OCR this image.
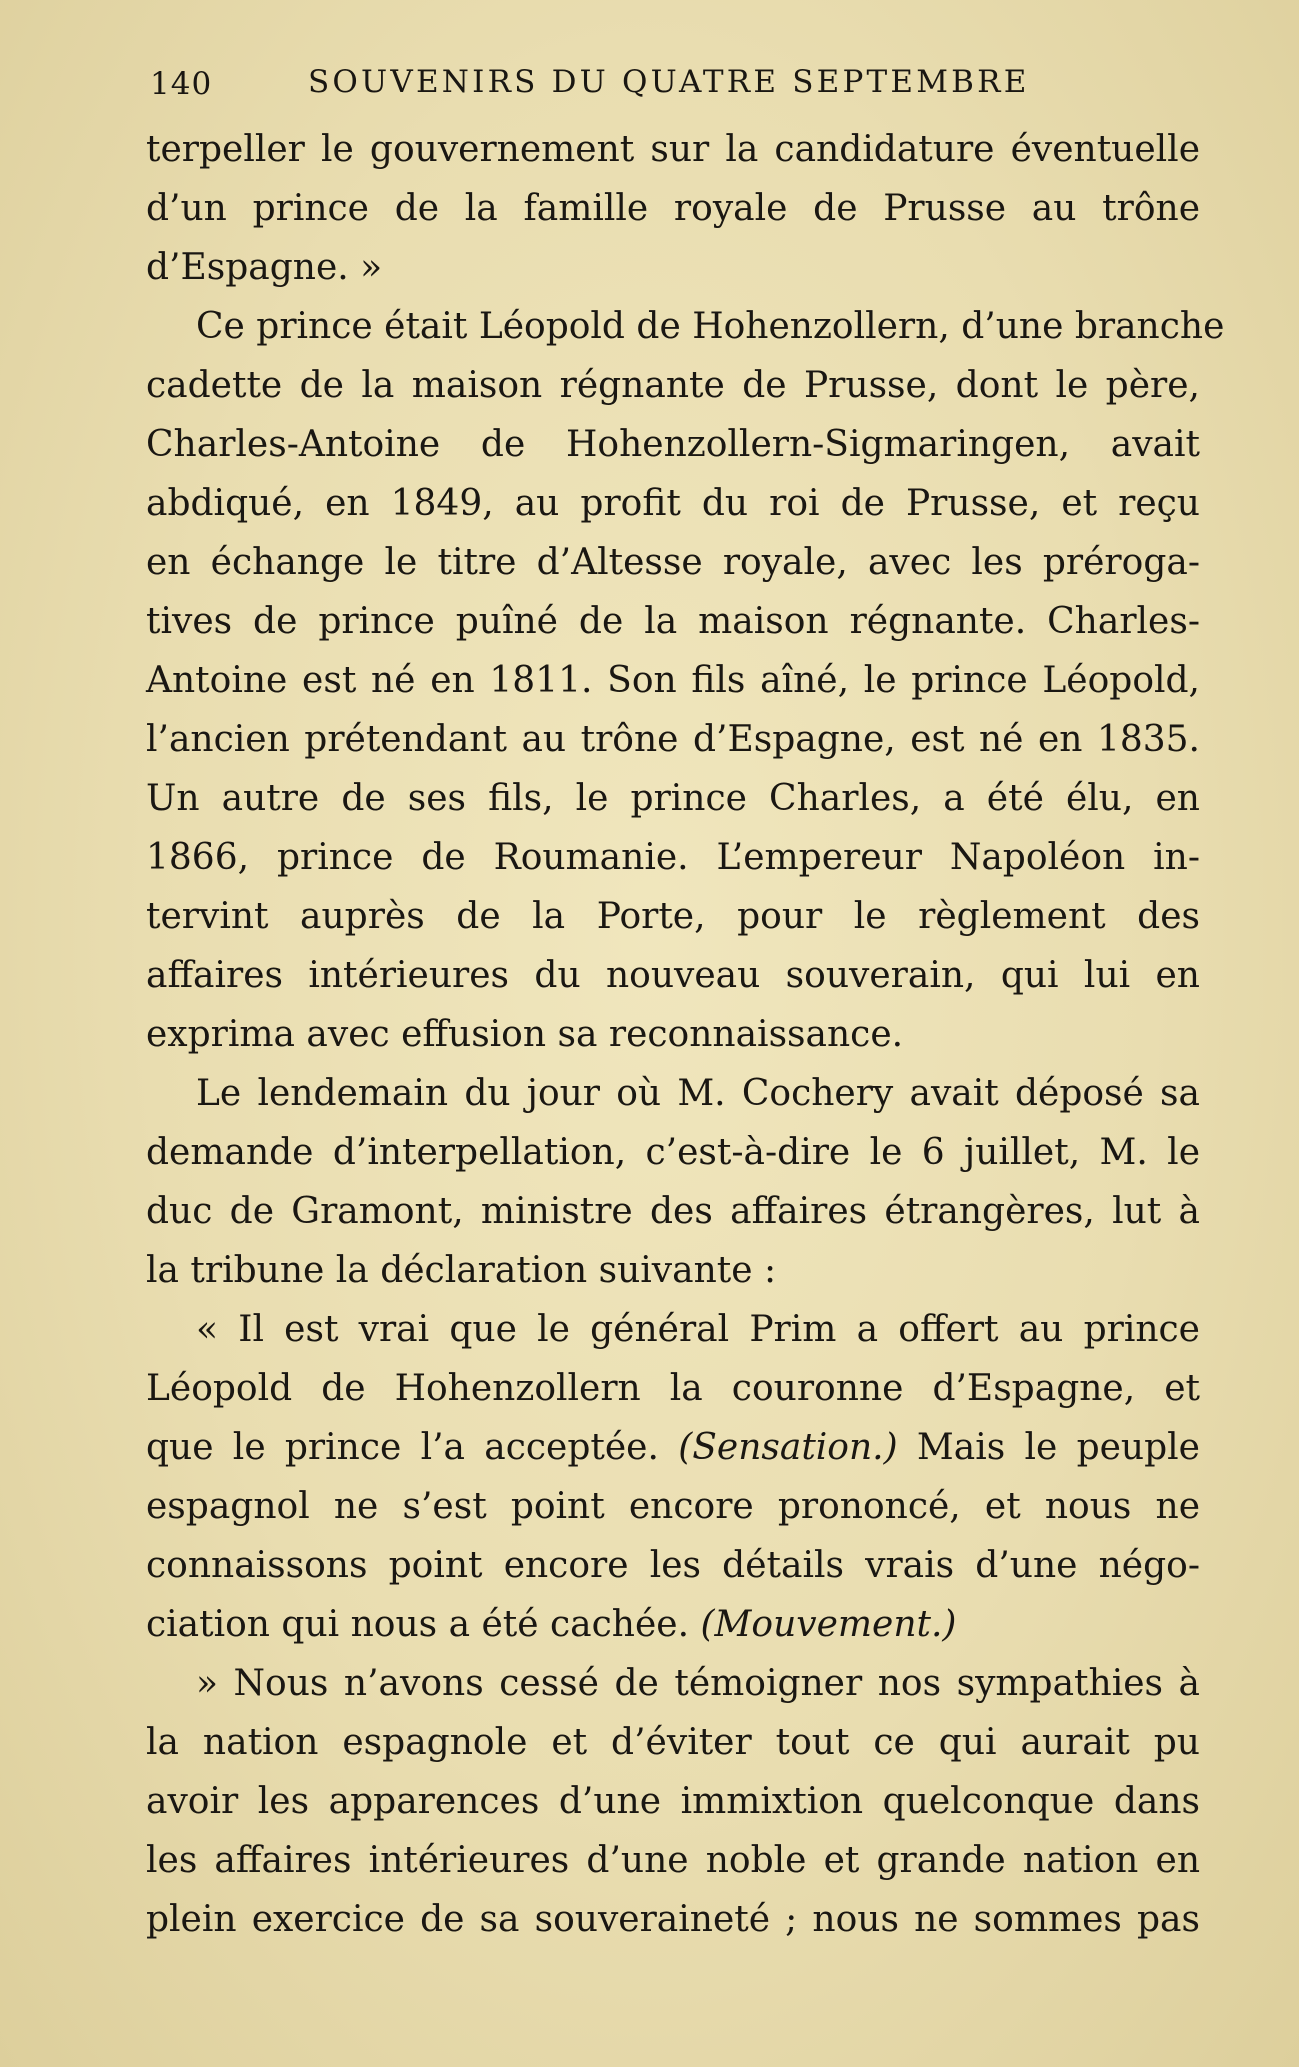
140	SOUVENIRS DU QUATRE SEPTEMBRE
terpeller le gouvernement sur la candidature éventuelle
d’un prince de la famille royale de Prusse au trône
d’Espagne. »
Ce prince était Léopold de Hohenzollern, d’une branche
cadette de la maison régnante de Prusse, dont le père,
Charles-Antoine de Hohenzollern-Sigmaringen, avait
abdiqué, en 1849, au profit du roi de Prusse, et reçu
en échange le titre d’Altesse royale, avec les préroga-
tives de prince puîné de la maison régnante. Charles-
Antoine est né en 1811. Son fils aîné, le prince Léopold,
l’ancien prétendant au trône d’Espagne, est né en 1835.
Un autre de ses fils, le prince Charles, a été élu, en
1866, prince de Roumanie. L’empereur Napoléon in-
tervint auprès de la Porte, pour le règlement des
affaires intérieures du nouveau souverain, qui lui en
exprima avec effusion sa reconnaissance.
Le lendemain du jour où M. Cochery avait déposé sa
demande d’interpellation, c’est-à-dire le 6 juillet, M. le
duc de Gramont, ministre des affaires étrangères, lut à
la tribune la déclaration suivante :
« Il est vrai que le général Prim a offert au prince
Léopold de Hohenzollern la couronne d’Espagne, et
que le prince l’a acceptée. (Sensation.) Mais le peuple
espagnol ne s’est point encore prononcé, et nous ne
connaissons point encore les détails vrais d’une négo-
ciation qui nous a été cachée. (Mouvement.)
» Nous n’avons cessé de témoigner nos sympathies à
la nation espagnole et d’éviter tout ce qui aurait pu
avoir les apparences d’une immixtion quelconque dans
les affaires intérieures d’une noble et grande nation en
plein exercice de sa souveraineté ; nous ne sommes pas
